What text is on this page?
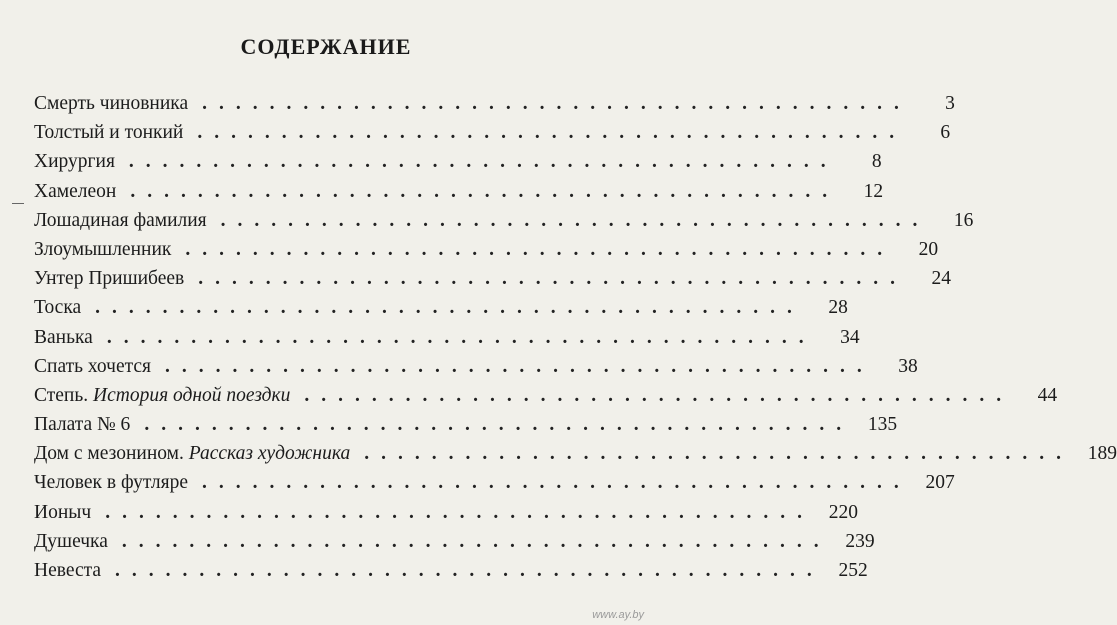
СОДЕРЖАНИЕ
Смерть чиновника ..........................................	3
Толстый и тонкий ..........................................	6
Хирургия ..........................................	8
Хамелеон ..........................................	12
Лошадиная фамилия ..........................................	16
Злоумышленник ..........................................	20
Унтер Пришибеев ..........................................	24
Тоска ..........................................	28
Ванька ..........................................	34
Спать хочется ..........................................	38
Степь. История одной поездки ..........................................	44
Палата № 6 .......................................... 135
Дом с мезонином. Рассказ художника .......................................... 189
Человек в футляре .......................................... 207
Ионыч .......................................... 220
Душечка .......................................... 239
Невеста .......................................... 252
www.ay.by
